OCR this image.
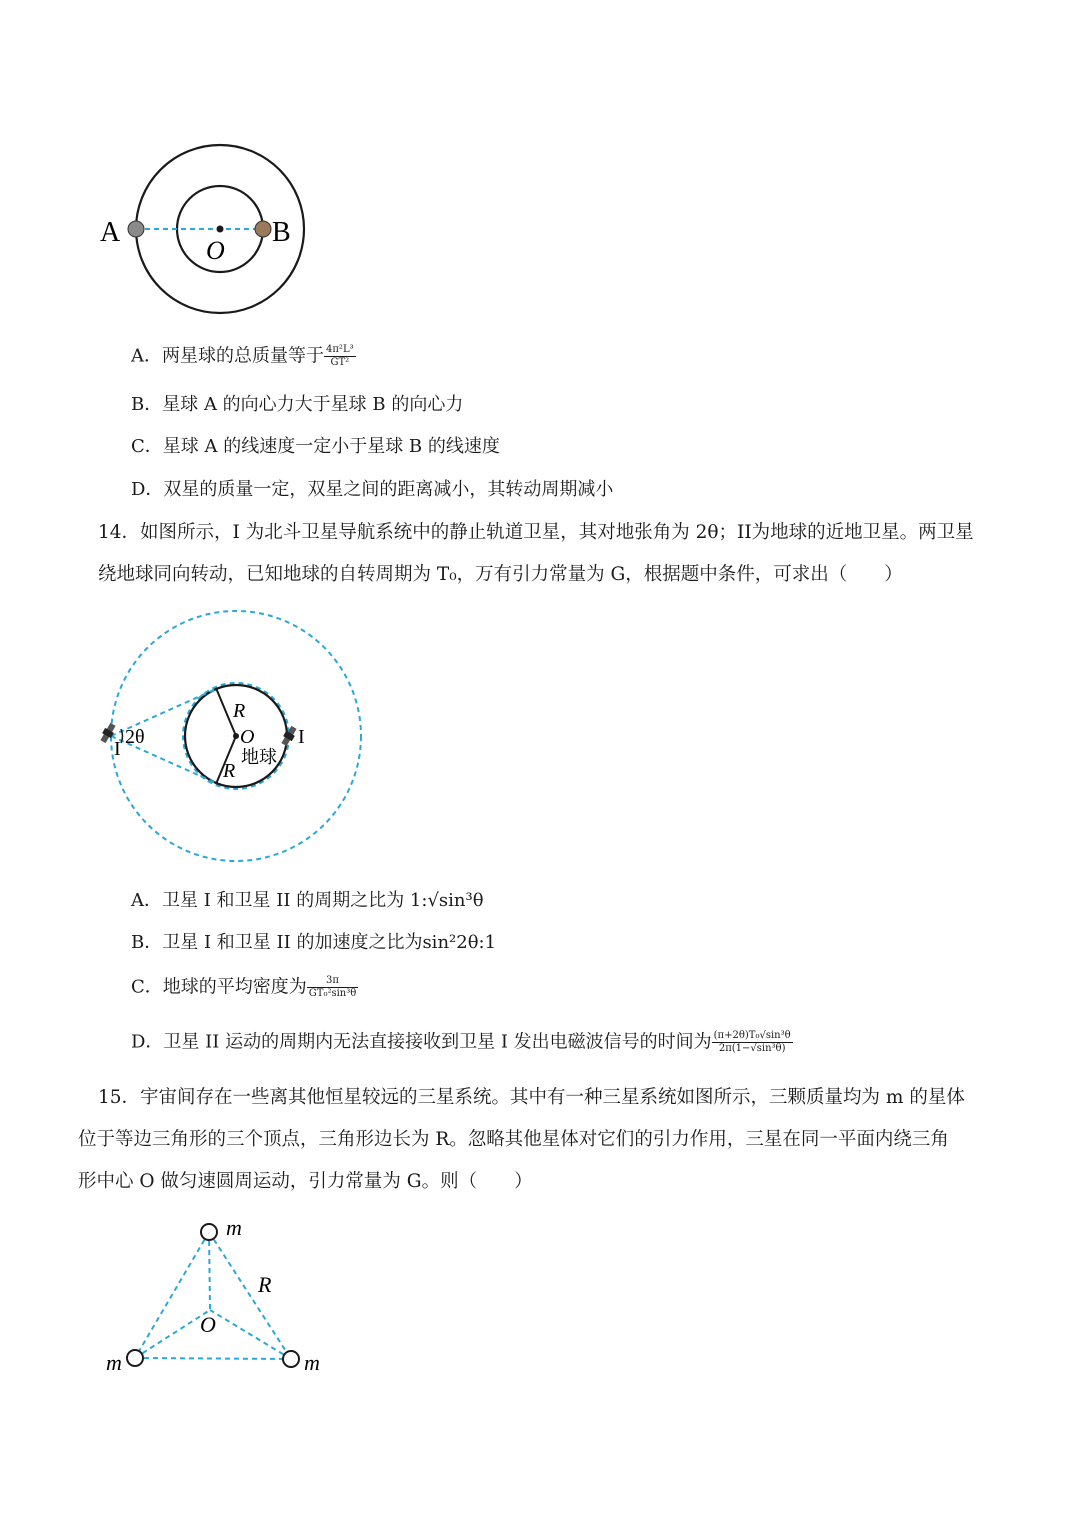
A	B
O
A．两星球的总质量等于 $\frac{\text{4π²L³}}{\text{GT²}}$
B．星球 A 的向心力大于星球 B 的向心力
C．星球 A 的线速度一定小于星球 B 的线速度
D．双星的质量一定，双星之间的距离减小，其转动周期减小
14．如图所示，I 为北斗卫星导航系统中的静止轨道卫星，其对地张角为 2θ；II为地球的近地卫星。两卫星
绕地球同向转动，已知地球的自转周期为 T₀，万有引力常量为 G，根据题中条件，可求出（　　）
2θ
I
I
R
R
O
地球
A．卫星 I 和卫星 II 的周期之比为 1:√sin³θ
B．卫星 I 和卫星 II 的加速度之比为sin²2θ:1
C．地球的平均密度为 $\frac{3\pi}{\text{GT₀²sin³θ}}$
D．卫星 II 运动的周期内无法直接接收到卫星 I 发出电磁波信号的时间为 $\frac{\text{(π+2θ)T₀√sin³θ}}{\text{2π(1−√sin³θ)}}$
15．宇宙间存在一些离其他恒星较远的三星系统。其中有一种三星系统如图所示，三颗质量均为 m 的星体
位于等边三角形的三个顶点，三角形边长为 R。忽略其他星体对它们的引力作用，三星在同一平面内绕三角
形中心 O 做匀速圆周运动，引力常量为 G。则（　　）
m
m	m
R
O
